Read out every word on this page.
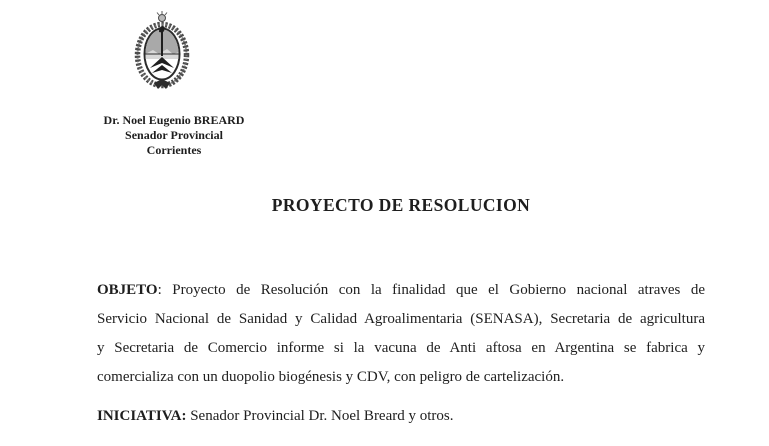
Dr. Noel Eugenio BREARD
Senador Provincial
Corrientes
PROYECTO DE RESOLUCION
OBJETO: Proyecto de Resolución con la finalidad que el Gobierno nacional atraves de
Servicio Nacional de Sanidad y Calidad Agroalimentaria (SENASA), Secretaria de agricultura
y Secretaria de Comercio informe si la vacuna de Anti aftosa en Argentina se fabrica y
comercializa con un duopolio biogénesis y CDV, con peligro de cartelización.
INICIATIVA: Senador Provincial Dr. Noel Breard y otros.
